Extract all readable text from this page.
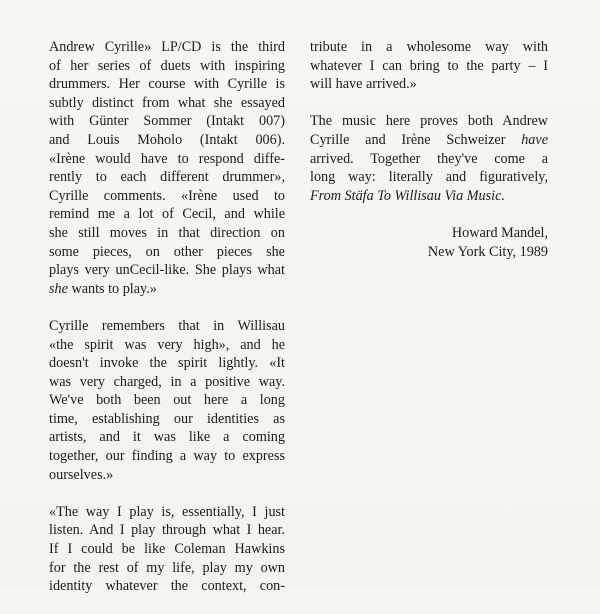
Andrew Cyrille» LP/CD is the third
of her series of duets with inspiring
drummers. Her course with Cyrille is
subtly distinct from what she essayed
with Günter Sommer (Intakt 007)
and Louis Moholo (Intakt 006).
«Irène would have to respond diffe-
rently to each different drummer»,
Cyrille comments. «Irène used to
remind me a lot of Cecil, and while
she still moves in that direction on
some pieces, on other pieces she
plays very unCecil-like. She plays what
she wants to play.»

Cyrille remembers that in Willisau
«the spirit was very high», and he
doesn't invoke the spirit lightly. «It
was very charged, in a positive way.
We've both been out here a long
time, establishing our identities as
artists, and it was like a coming
together, our finding a way to express
ourselves.»

«The way I play is, essentially, I just
listen. And I play through what I hear.
If I could be like Coleman Hawkins
for the rest of my life, play my own
identity whatever the context, con-

tribute in a wholesome way with
whatever I can bring to the party – I
will have arrived.»

The music here proves both Andrew
Cyrille and Irène Schweizer have
arrived. Together they've come a
long way: literally and figuratively,
From Stäfa To Willisau Via Music.

Howard Mandel,
New York City, 1989
